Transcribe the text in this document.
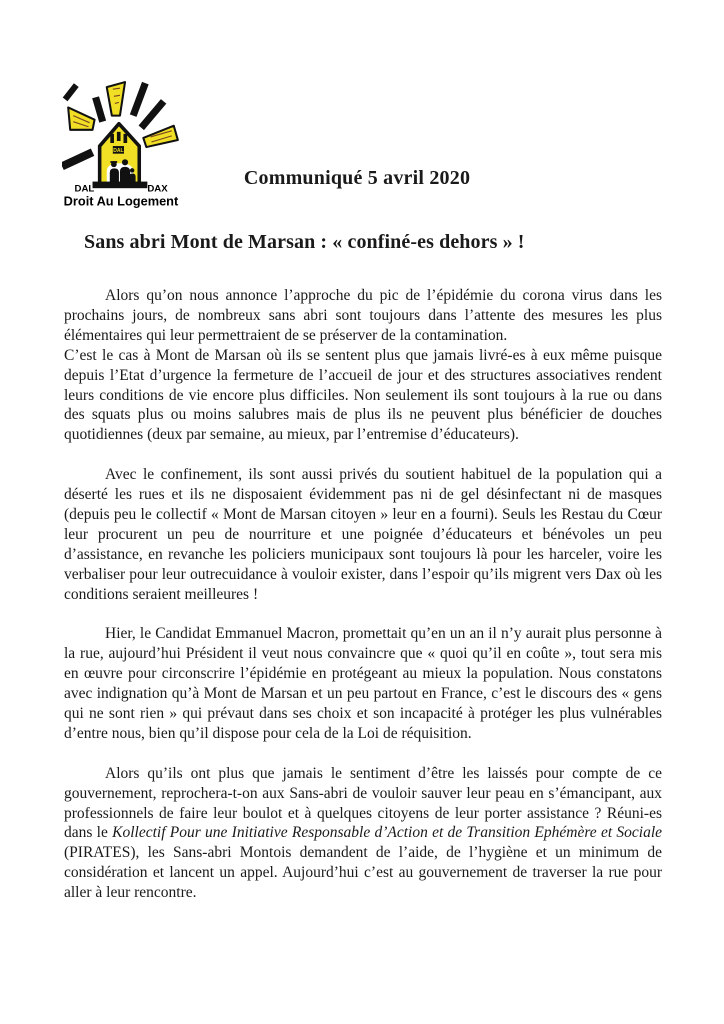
DAL
DAL	DAX
Droit Au Logement
Communiqué 5 avril 2020
Sans abri Mont de Marsan : « confiné-es dehors » !

Alors qu’on nous annonce l’approche du pic de l’épidémie du corona virus dans les prochains jours, de nombreux sans abri sont toujours dans l’attente des mesures les plus élémentaires qui leur permettraient de se préserver de la contamination.

C’est le cas à Mont de Marsan où ils se sentent plus que jamais livré-es à eux même puisque depuis l’Etat d’urgence la fermeture de l’accueil de jour et des structures associatives rendent leurs conditions de vie encore plus difficiles. Non seulement ils sont toujours à la rue ou dans des squats plus ou moins salubres mais de plus ils ne peuvent plus bénéficier de douches quotidiennes (deux par semaine, au mieux, par l’entremise d’éducateurs).

Avec le confinement, ils sont aussi privés du soutient habituel de la population qui a déserté les rues et ils ne disposaient évidemment pas ni de gel désinfectant ni de masques (depuis peu le collectif « Mont de Marsan citoyen » leur en a fourni). Seuls les Restau du Cœur leur procurent un peu de nourriture et une poignée d’éducateurs et bénévoles un peu d’assistance, en revanche les policiers municipaux sont toujours là pour les harceler, voire les verbaliser pour leur outrecuidance à vouloir exister, dans l’espoir qu’ils migrent vers Dax où les conditions seraient meilleures !

Hier, le Candidat Emmanuel Macron, promettait qu’en un an il n’y aurait plus personne à la rue, aujourd’hui Président il veut nous convaincre que « quoi qu’il en coûte », tout sera mis en œuvre pour circonscrire l’épidémie en protégeant au mieux la population. Nous constatons avec indignation qu’à Mont de Marsan et un peu partout en France, c’est le discours des « gens qui ne sont rien » qui prévaut dans ses choix et son incapacité à protéger les plus vulnérables d’entre nous, bien qu’il dispose pour cela de la Loi de réquisition.

Alors qu’ils ont plus que jamais le sentiment d’être les laissés pour compte de ce gouvernement, reprochera-t-on aux Sans-abri de vouloir sauver leur peau en s’émancipant, aux professionnels de faire leur boulot et à quelques citoyens de leur porter assistance ? Réuni-es dans le Kollectif Pour une Initiative Responsable d’Action et de Transition Ephémère et Sociale (PIRATES), les Sans-abri Montois demandent de l’aide, de l’hygiène et un minimum de considération et lancent un appel. Aujourd’hui c’est au gouvernement de traverser la rue pour aller à leur rencontre.
